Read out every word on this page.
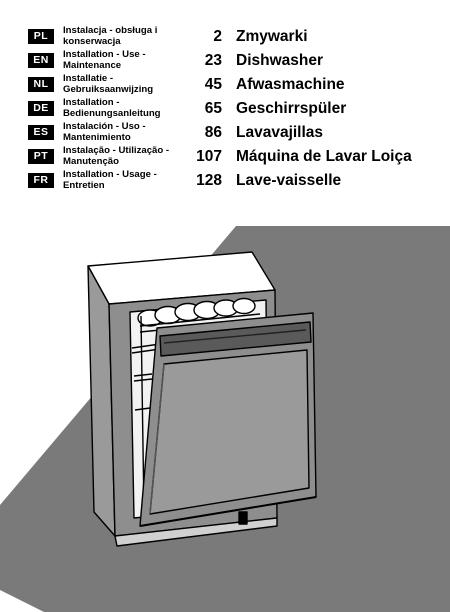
PL	Instalacja - obsługa i
konserwacja	2 Zmywarki
EN	Installation - Use -
Maintenance	23 Dishwasher
NL	Installatie -
Gebruiksaanwijzing	45 Afwasmachine
DE	Installation -
Bedienungsanleitung	65 Geschirrspüler
ES	Instalación - Uso -
Mantenimiento	86 Lavavajillas
PT	Instalação - Utilização -
Manutenção	107 Máquina de Lavar Loiça
FR	Installation - Usage -
Entretien	128 Lave-vaisselle
